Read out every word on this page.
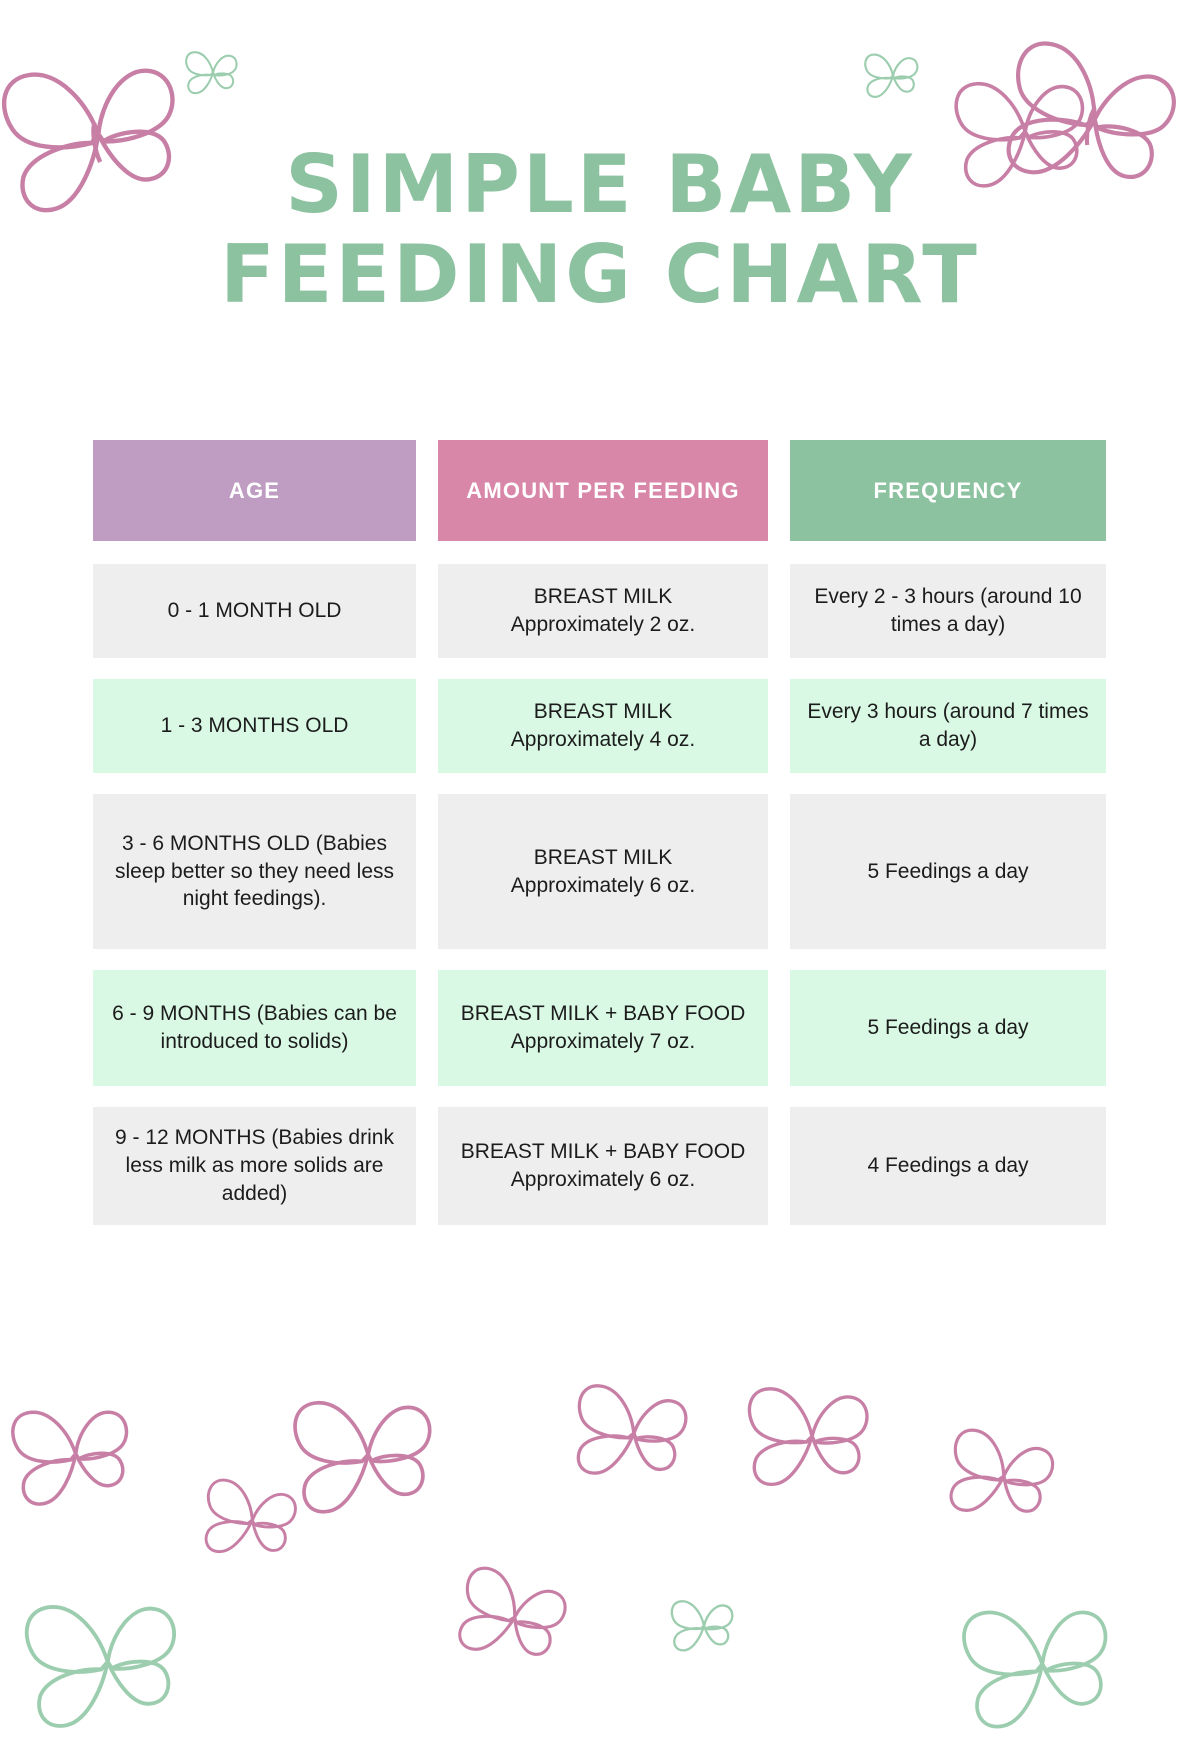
SIMPLE BABY
FEEDING CHART
AGE	AMOUNT PER FEEDING	FREQUENCY
0 - 1 MONTH OLD
BREAST MILK
Approximately 2 oz.
Every 2 - 3 hours (around 10 times a day)
1 - 3 MONTHS OLD
BREAST MILK
Approximately 4 oz.
Every 3 hours (around 7 times a day)
3 - 6 MONTHS OLD (Babies sleep better so they need less night feedings).
BREAST MILK
Approximately 6 oz.
5 Feedings a day
6 - 9 MONTHS (Babies can be introduced to solids)
BREAST MILK + BABY FOOD
Approximately 7 oz.
5 Feedings a day
9 - 12 MONTHS (Babies drink less milk as more solids are added)
BREAST MILK + BABY FOOD
Approximately 6 oz.
4 Feedings a day
